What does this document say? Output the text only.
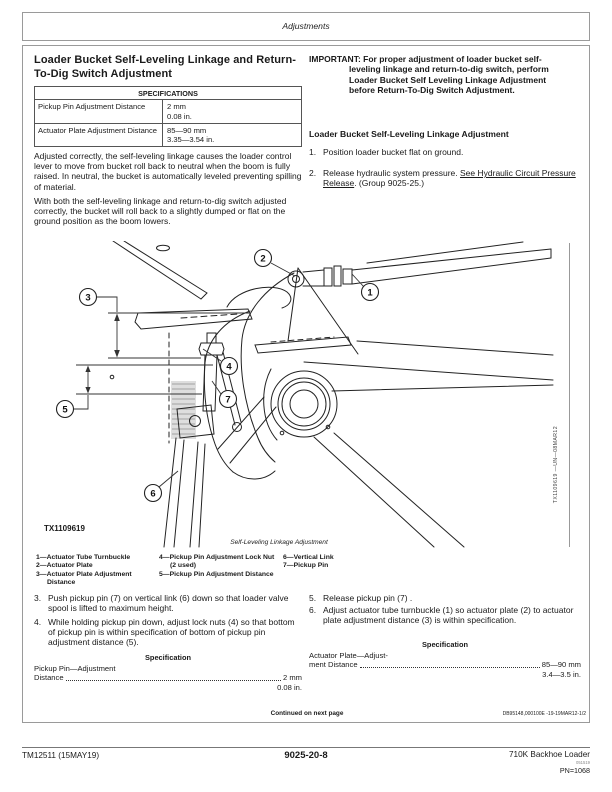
Adjustments
Loader Bucket Self-Leveling Linkage and Return-To-Dig Switch Adjustment
SPECIFICATIONS
Pickup Pin Adjustment Distance	2 mm
0.08 in.
Actuator Plate Adjustment Distance	85—90 mm
3.35—3.54 in.
Adjusted correctly, the self-leveling linkage causes the loader control lever to move from bucket roll back to neutral when the boom is fully raised. In neutral, the bucket is automatically leveled preventing spilling of material.
With both the self-leveling linkage and return-to-dig switch adjusted correctly, the bucket will roll back to a slightly dumped or flat on the ground position as the boom lowers.
IMPORTANT: For proper adjustment of loader bucket self-leveling linkage and return-to-dig switch, perform Loader Bucket Self Leveling Linkage Adjustment before Return-To-Dig Switch Adjustment.
Loader Bucket Self-Leveling Linkage Adjustment
1. Position loader bucket flat on ground.
2. Release hydraulic system pressure. See Hydraulic Circuit Pressure Release. (Group 9025-25.)
1
2
3
4
5
6
7
TX1109619
Self-Leveling Linkage Adjustment
TX1109619 —UN—08MAR12
1—Actuator Tube Turnbuckle
2—Actuator Plate
3—Actuator Plate Adjustment Distance
4—Pickup Pin Adjustment Lock Nut (2 used)
5—Pickup Pin Adjustment Distance
6—Vertical Link
7—Pickup Pin
3. Push pickup pin (7) on vertical link (6) down so that loader valve spool is lifted to maximum height.
4. While holding pickup pin down, adjust lock nuts (4) so that bottom of pickup pin is within specification of bottom of pickup pin adjustment distance (5).
Specification
Pickup Pin—Adjustment
Distance	2 mm
0.08 in.
5. Release pickup pin (7) .
6. Adjust actuator tube turnbuckle (1) so actuator plate (2) to actuator plate adjustment distance (3) is within specification.
Specification
Actuator Plate—Adjust-
ment Distance	85—90 mm
3.4—3.5 in.
Continued on next page	DB95148,000100E -19-19MAR12-1/2
TM12511 (15MAY19)	9025-20-8	710K Backhoe Loader
051519
PN=1068
